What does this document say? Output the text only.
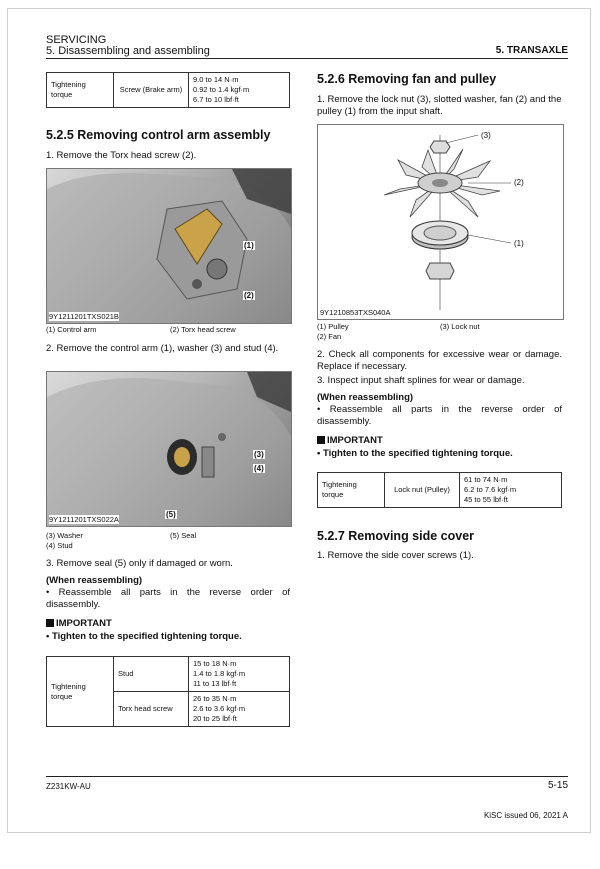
SERVICING
5. Disassembling and assembling	5. TRANSAXLE
Tightening torque	Screw (Brake arm)	
9.0 to 14 N·m
0.92 to 1.4 kgf·m
6.7 to 10 lbf·ft
5.2.5 Removing control arm assembly
1. Remove the Torx head screw (2).
(1)
(2)
9Y1211201TXS021B
(1) Control arm	(2) Torx head screw
2. Remove the control arm (1), washer (3) and stud (4).
(3)
(4)
(5)
9Y1211201TXS022A
(3) Washer
(4) Stud
(5) Seal
3. Remove seal (5) only if damaged or worn.
(When reassembling)
• Reassemble all parts in the reverse order of disassembly.
IMPORTANT
• Tighten to the specified tightening torque.
Tightening torque	Stud	15 to 18 N·m
1.4 to 1.8 kgf·m
11 to 13 lbf·ft

	Torx head screw	26 to 35 N·m
2.6 to 3.6 kgf·m
20 to 25 lbf·ft
5.2.6 Removing fan and pulley
1. Remove the lock nut (3), slotted washer, fan (2) and the pulley (1) from the input shaft.
(3)
(2)
(1)
9Y1210853TXS040A
(1) Pulley
(2) Fan
(3) Lock nut
2. Check all components for excessive wear or damage. Replace if necessary.
3. Inspect input shaft splines for wear or damage.
(When reassembling)
• Reassemble all parts in the reverse order of disassembly.
IMPORTANT
• Tighten to the specified tightening torque.
Tightening torque	Lock nut (Pulley)	
61 to 74 N·m
6.2 to 7.6 kgf·m
45 to 55 lbf·ft
5.2.7 Removing side cover
1. Remove the side cover screws (1).
Z231KW-AU	5-15
KiSC issued 06, 2021 A
